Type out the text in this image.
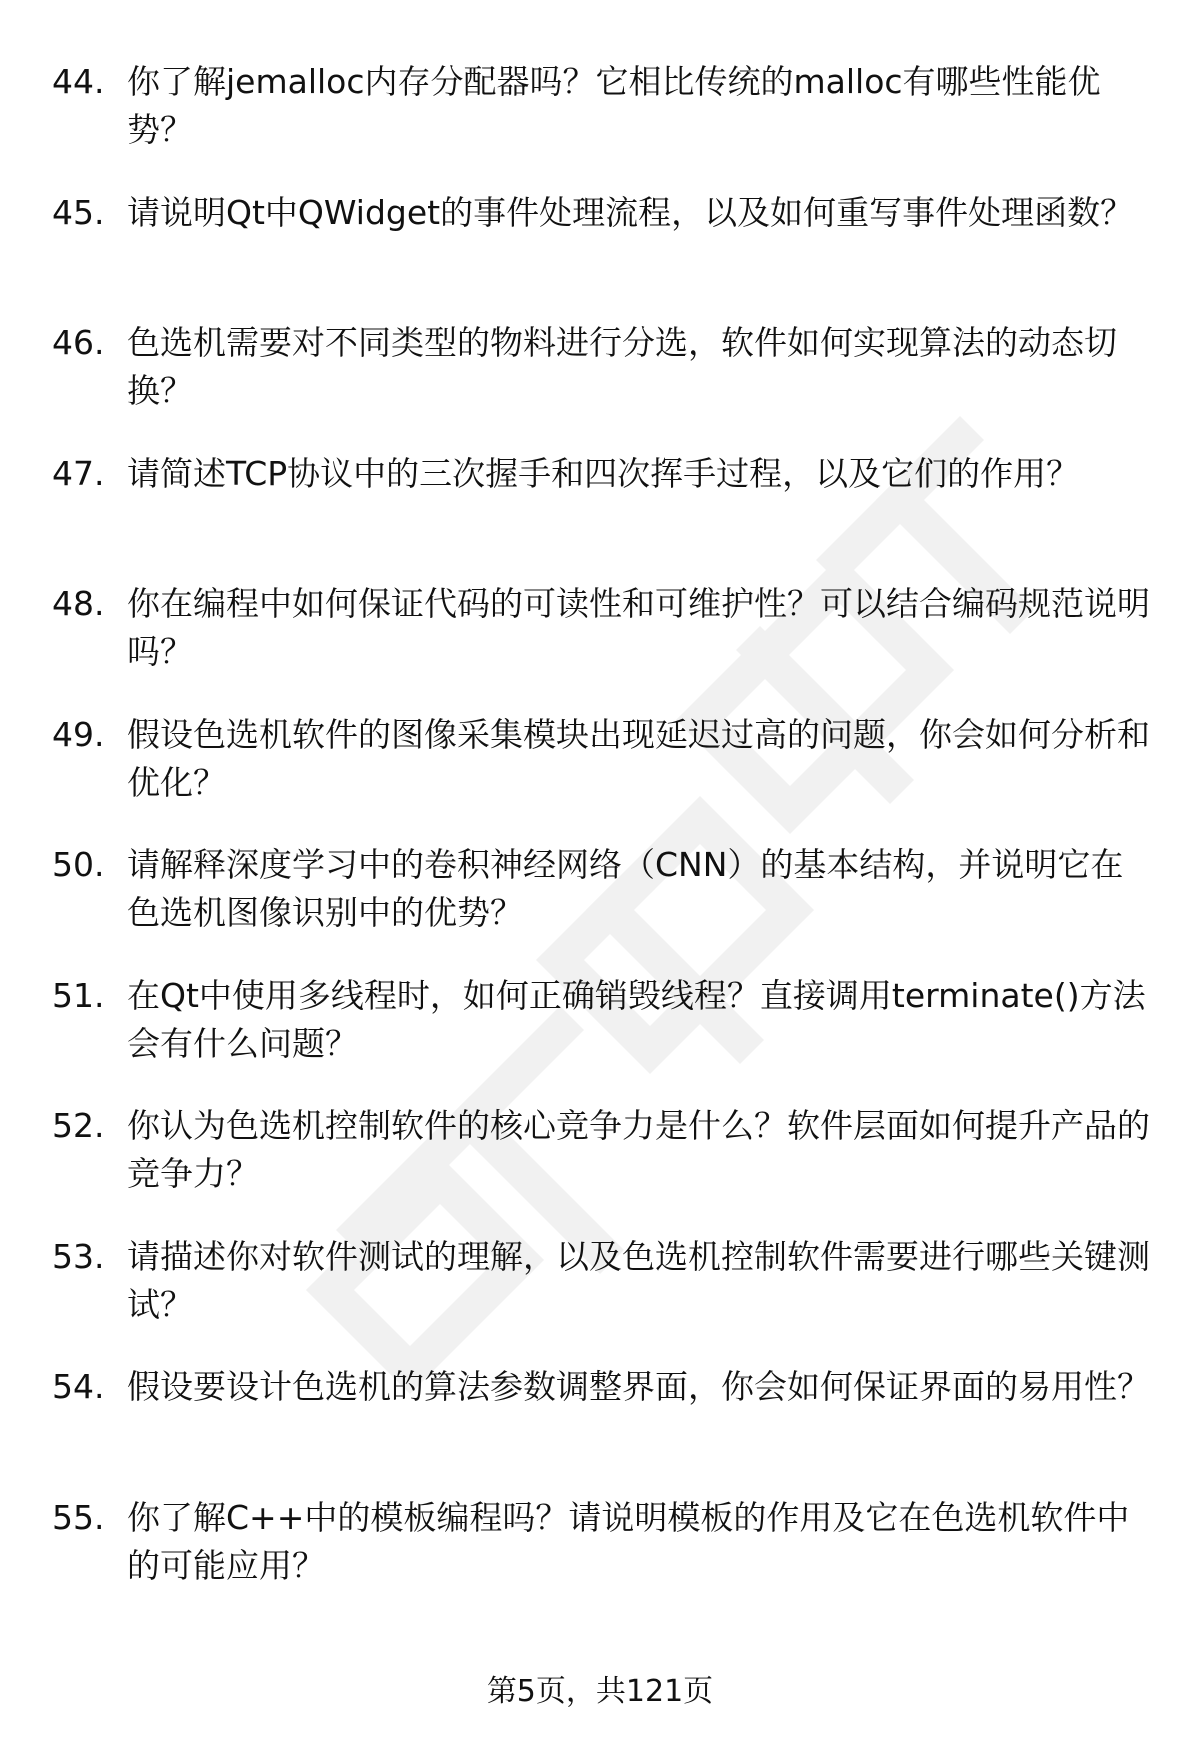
44. 你了解jemalloc内存分配器吗？它相比传统的malloc有哪些性能优势？
45. 请说明Qt中QWidget的事件处理流程，以及如何重写事件处理函数？
46. 色选机需要对不同类型的物料进行分选，软件如何实现算法的动态切换？
47. 请简述TCP协议中的三次握手和四次挥手过程，以及它们的作用？
48. 你在编程中如何保证代码的可读性和可维护性？可以结合编码规范说明吗？
49. 假设色选机软件的图像采集模块出现延迟过高的问题，你会如何分析和优化？
50. 请解释深度学习中的卷积神经网络（CNN）的基本结构，并说明它在色选机图像识别中的优势？
51. 在Qt中使用多线程时，如何正确销毁线程？直接调用terminate()方法会有什么问题？
52. 你认为色选机控制软件的核心竞争力是什么？软件层面如何提升产品的竞争力？
53. 请描述你对软件测试的理解，以及色选机控制软件需要进行哪些关键测试？
54. 假设要设计色选机的算法参数调整界面，你会如何保证界面的易用性？
55. 你了解C++中的模板编程吗？请说明模板的作用及它在色选机软件中的可能应用？
第5页，共121页
